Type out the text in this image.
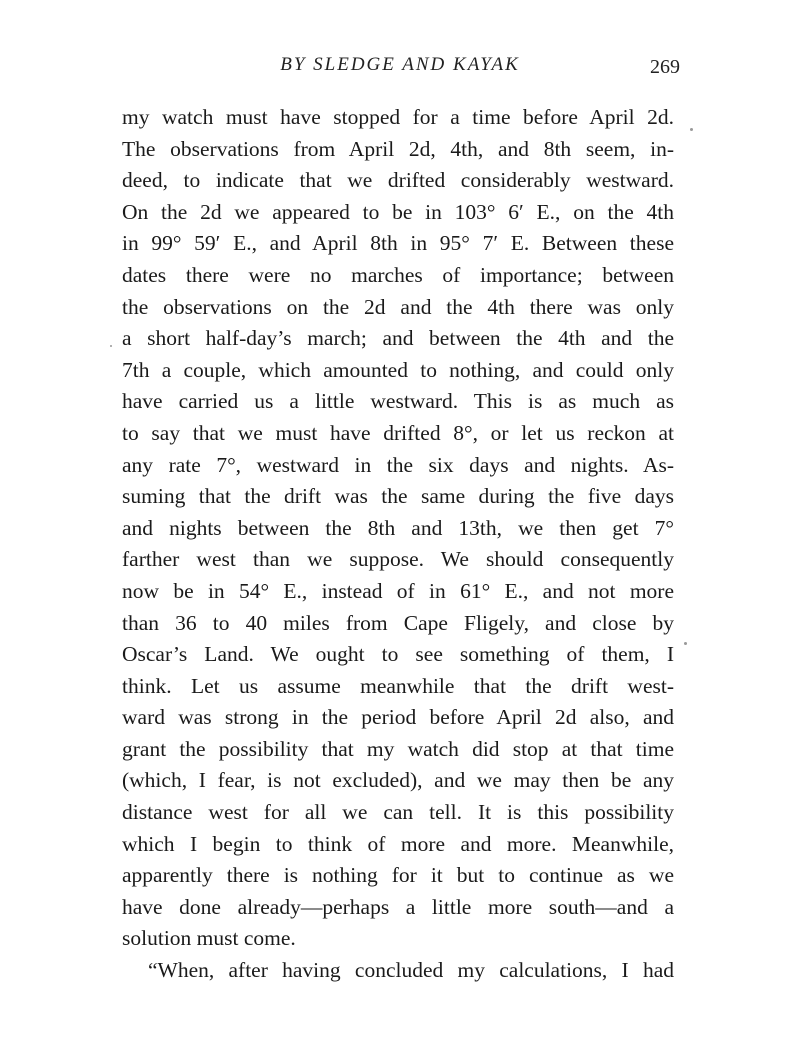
BY SLEDGE AND KAYAK	269
my watch must have stopped for a time before April 2d.
The observations from April 2d, 4th, and 8th seem, in-
deed, to indicate that we drifted considerably westward.
On the 2d we appeared to be in 103° 6′ E., on the 4th
in 99° 59′ E., and April 8th in 95° 7′ E. Between these
dates there were no marches of importance; between
the observations on the 2d and the 4th there was only
a short half-day’s march; and between the 4th and the
7th a couple, which amounted to nothing, and could only
have carried us a little westward. This is as much as
to say that we must have drifted 8°, or let us reckon at
any rate 7°, westward in the six days and nights. As-
suming that the drift was the same during the five days
and nights between the 8th and 13th, we then get 7°
farther west than we suppose. We should consequently
now be in 54° E., instead of in 61° E., and not more
than 36 to 40 miles from Cape Fligely, and close by
Oscar’s Land. We ought to see something of them, I
think. Let us assume meanwhile that the drift west-
ward was strong in the period before April 2d also, and
grant the possibility that my watch did stop at that time
(which, I fear, is not excluded), and we may then be any
distance west for all we can tell. It is this possibility
which I begin to think of more and more. Meanwhile,
apparently there is nothing for it but to continue as we
have done already—perhaps a little more south—and a
solution must come.
“When, after having concluded my calculations, I had
